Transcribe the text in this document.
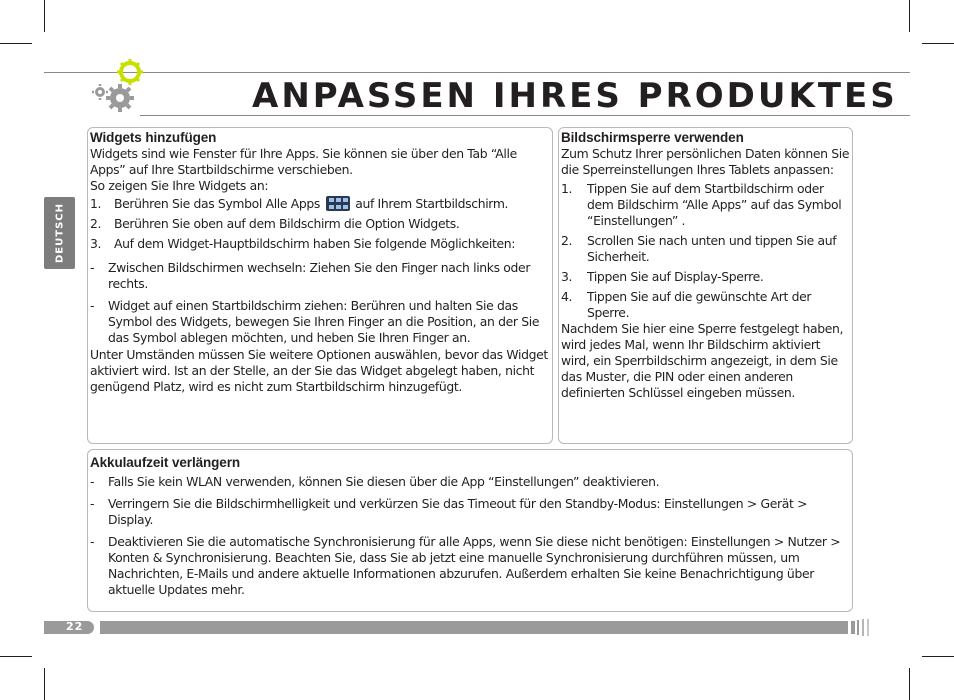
ANPASSEN IHRES PRODUKTES
DEUTSCH
Widgets hinzufügen

Widgets sind wie Fenster für Ihre Apps. Sie können sie über den Tab “Alle Apps” auf Ihre Startbildschirme verschieben.

So zeigen Sie Ihre Widgets an:

1. Berühren Sie das Symbol Alle Apps	auf Ihrem Startbildschirm.
2. Berühren Sie oben auf dem Bildschirm die Option Widgets.
3. Auf dem Widget-Hauptbildschirm haben Sie folgende Möglichkeiten:
- Zwischen Bildschirmen wechseln: Ziehen Sie den Finger nach links oder rechts.
- Widget auf einen Startbildschirm ziehen: Berühren und halten Sie das Symbol des Widgets, bewegen Sie Ihren Finger an die Position, an der Sie das Symbol ablegen möchten, und heben Sie Ihren Finger an.

Unter Umständen müssen Sie weitere Optionen auswählen, bevor das Widget aktiviert wird. Ist an der Stelle, an der Sie das Widget abgelegt haben, nicht genügend Platz, wird es nicht zum Startbildschirm hinzugefügt.

Bildschirmsperre verwenden

Zum Schutz Ihrer persönlichen Daten können Sie die Sperreinstellungen Ihres Tablets anpassen:

1. Tippen Sie auf dem Startbildschirm oder dem Bildschirm “Alle Apps” auf das Symbol “Einstellungen” .
2. Scrollen Sie nach unten und tippen Sie auf Sicherheit.
3. Tippen Sie auf Display-Sperre.
4. Tippen Sie auf die gewünschte Art der Sperre.

Nachdem Sie hier eine Sperre festgelegt haben, wird jedes Mal, wenn Ihr Bildschirm aktiviert wird, ein Sperrbildschirm angezeigt, in dem Sie das Muster, die PIN oder einen anderen definierten Schlüssel eingeben müssen.

Akkulaufzeit verlängern
- Falls Sie kein WLAN verwenden, können Sie diesen über die App “Einstellungen” deaktivieren.
- Verringern Sie die Bildschirmhelligkeit und verkürzen Sie das Timeout für den Standby-Modus: Einstellungen > Gerät > Display.
- Deaktivieren Sie die automatische Synchronisierung für alle Apps, wenn Sie diese nicht benötigen: Einstellungen > Nutzer > Konten & Synchronisierung. Beachten Sie, dass Sie ab jetzt eine manuelle Synchronisierung durchführen müssen, um Nachrichten, E-Mails und andere aktuelle Informationen abzurufen. Außerdem erhalten Sie keine Benachrichtigung über aktuelle Updates mehr.
22
